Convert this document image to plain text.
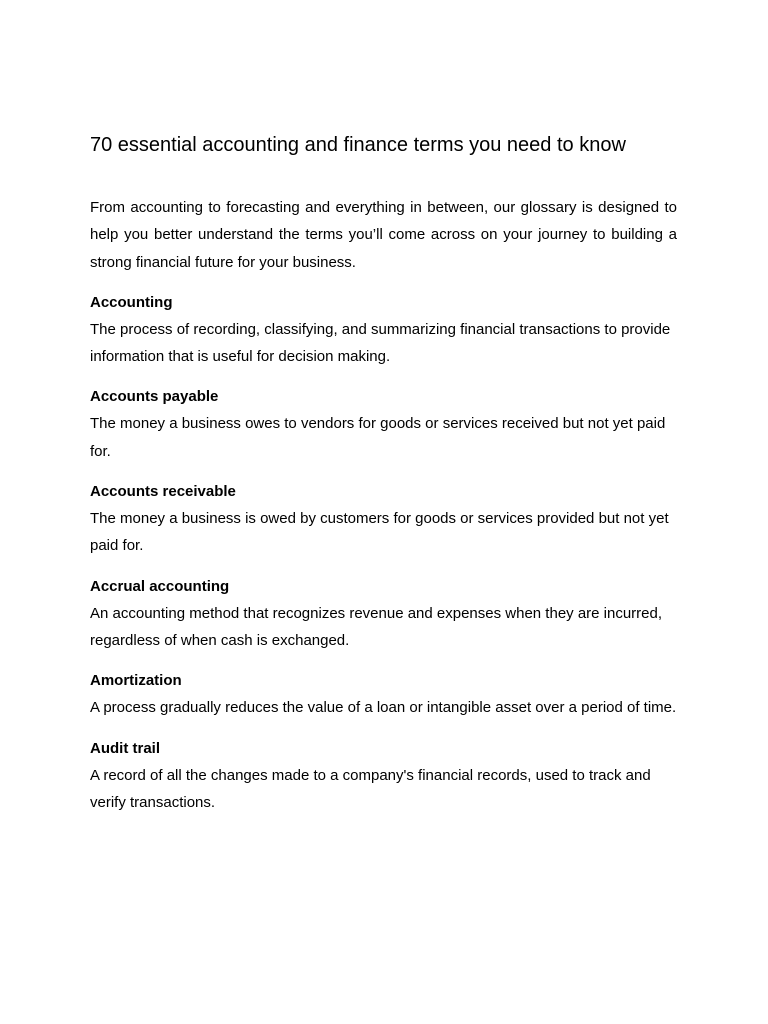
70 essential accounting and finance terms you need to know

From accounting to forecasting and everything in between, our glossary is designed to help you better understand the terms you’ll come across on your journey to building a strong financial future for your business.

Accounting

The process of recording, classifying, and summarizing financial transactions to provide information that is useful for decision making.

Accounts payable

The money a business owes to vendors for goods or services received but not yet paid for.

Accounts receivable

The money a business is owed by customers for goods or services provided but not yet paid for.

Accrual accounting

An accounting method that recognizes revenue and expenses when they are incurred, regardless of when cash is exchanged.

Amortization

A process gradually reduces the value of a loan or intangible asset over a period of time.

Audit trail

A record of all the changes made to a company's financial records, used to track and verify transactions.
